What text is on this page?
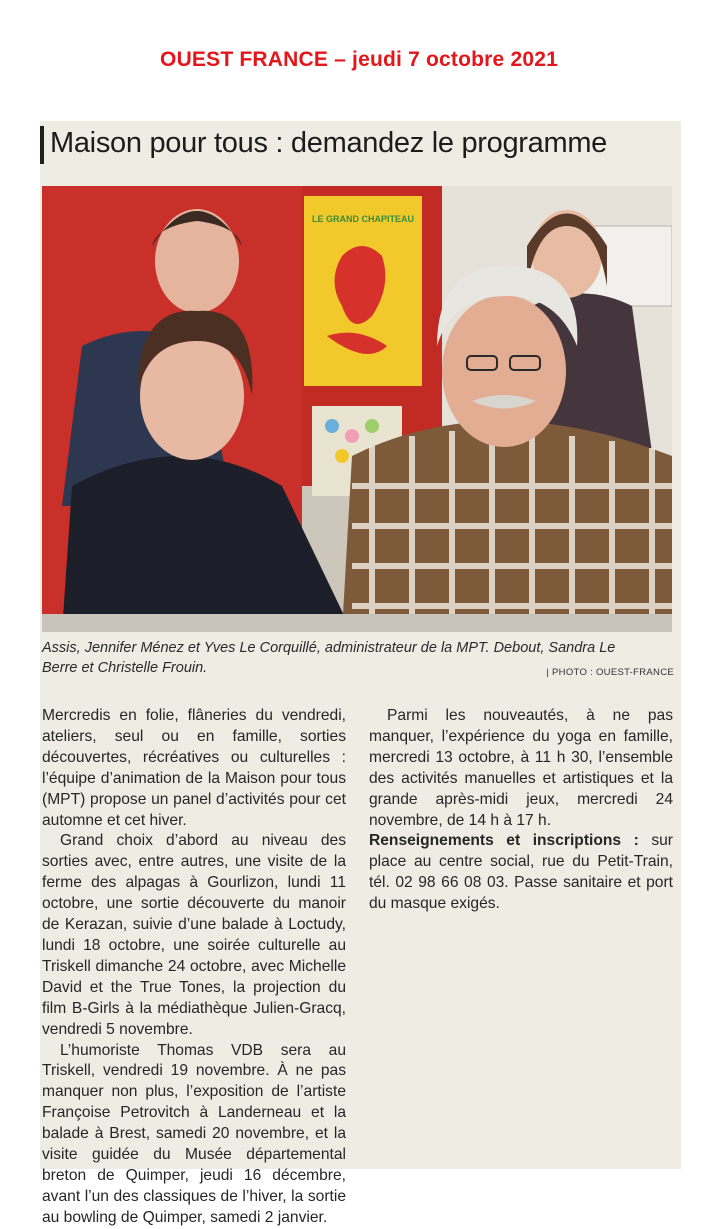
OUEST FRANCE – jeudi 7 octobre 2021
Maison pour tous : demandez le programme
LE GRAND CHAPITEAU
Assis, Jennifer Ménez et Yves Le Corquillé, administrateur de la MPT. Debout, Sandra Le Berre et Christelle Frouin.	| PHOTO : OUEST-FRANCE

Mercredis en folie, flâneries du vendredi, ateliers, seul ou en famille, sorties découvertes, récréatives ou culturelles : l’équipe d’animation de la Maison pour tous (MPT) propose un panel d’activités pour cet automne et cet hiver.

Grand choix d’abord au niveau des sorties avec, entre autres, une visite de la ferme des alpagas à Gourlizon, lundi 11 octobre, une sortie découverte du manoir de Kerazan, suivie d’une balade à Loctudy, lundi 18 octobre, une soirée culturelle au Triskell dimanche 24 octobre, avec Michelle David et the True Tones, la projection du film B-Girls à la médiathèque Julien-Gracq, vendredi 5 novembre.

L’humoriste Thomas VDB sera au Triskell, vendredi 19 novembre. À ne pas manquer non plus, l’exposition de l’artiste Françoise Petrovitch à Landerneau et la balade à Brest, samedi 20 novembre, et la visite guidée du Musée départemental breton de Quimper, jeudi 16 décembre, avant l’un des classiques de l’hiver, la sortie au bowling de Quimper, samedi 2 janvier.

Parmi les nouveautés, à ne pas manquer, l’expérience du yoga en famille, mercredi 13 octobre, à 11 h 30, l’ensemble des activités manuelles et artistiques et la grande après-midi jeux, mercredi 24 novembre, de 14 h à 17 h.

Renseignements et inscriptions : sur place au centre social, rue du Petit-Train, tél. 02 98 66 08 03. Passe sanitaire et port du masque exigés.
